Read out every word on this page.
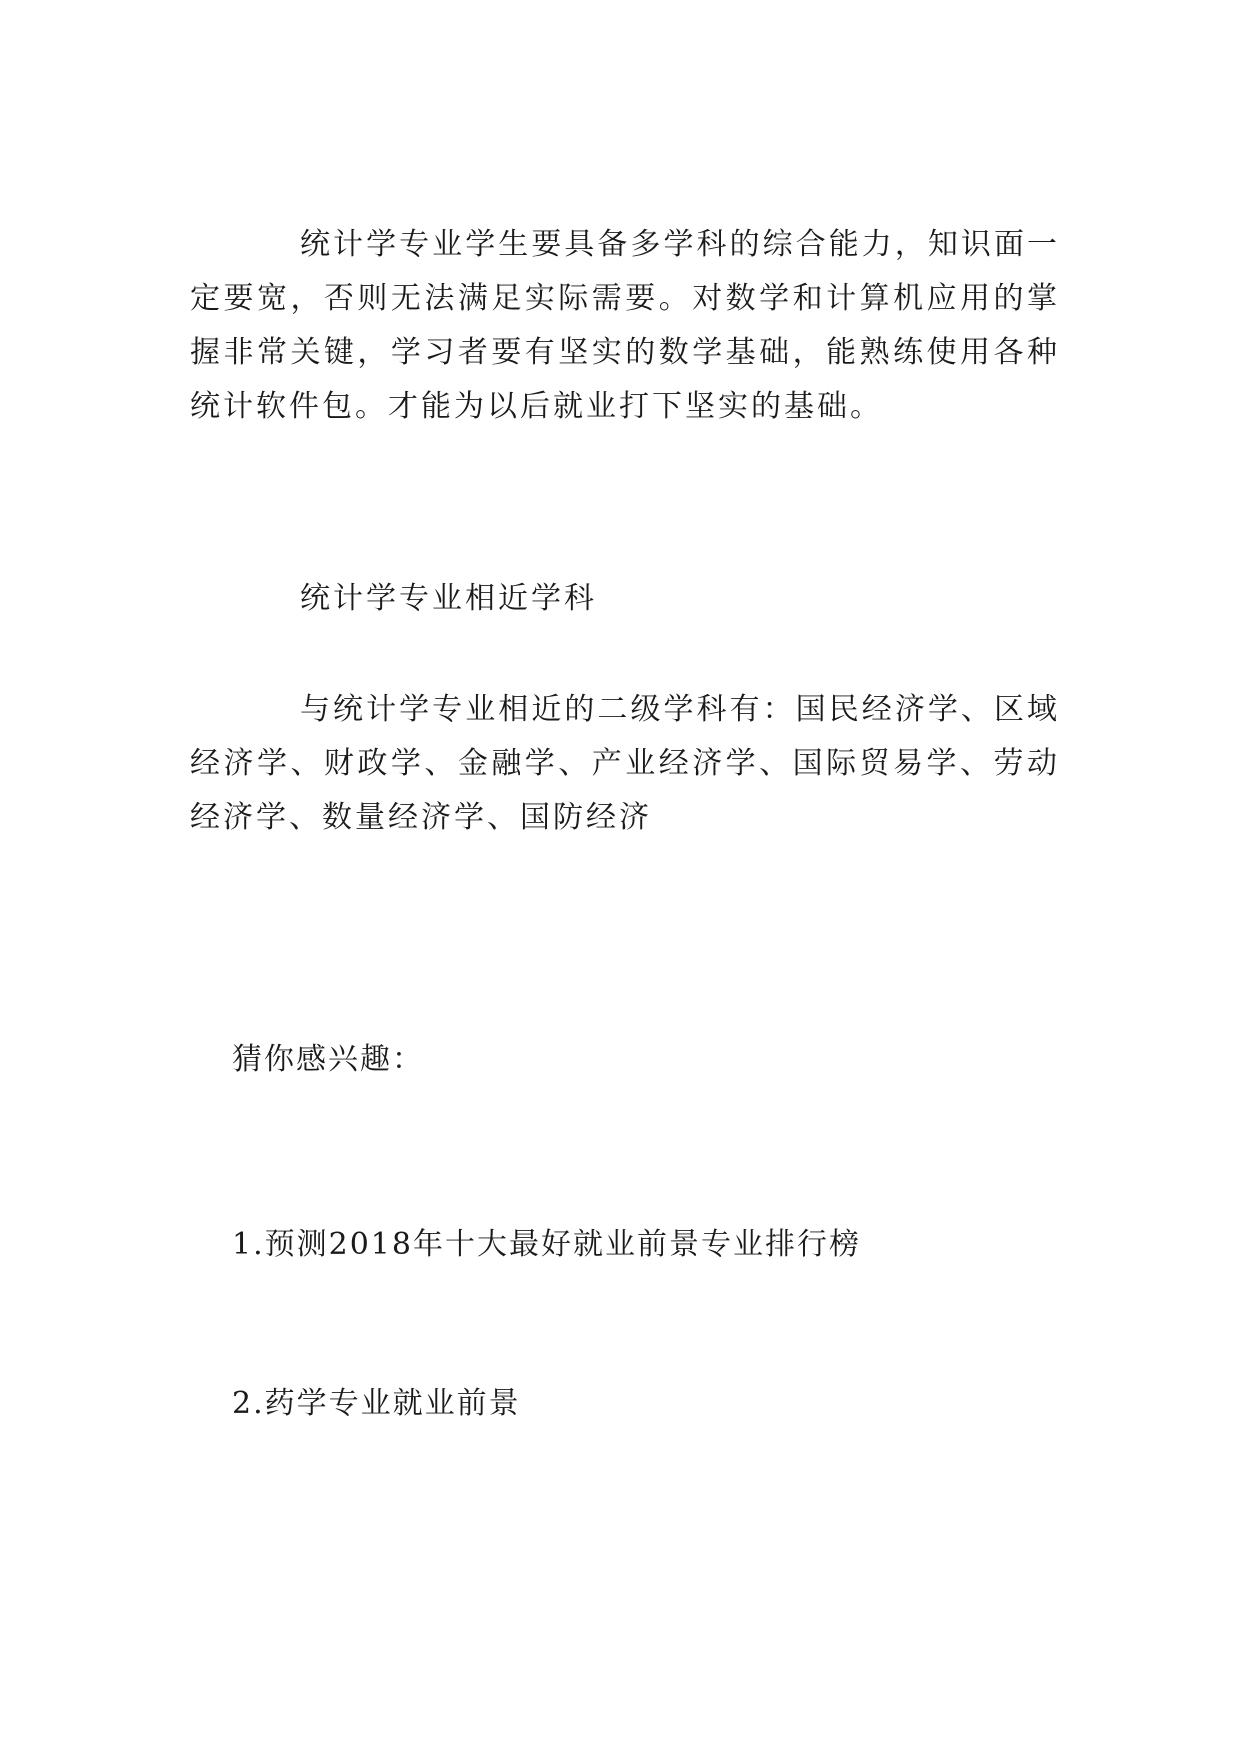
统计学专业学生要具备多学科的综合能力，知识面一定要宽，否则无法满足实际需要。对数学和计算机应用的掌握非常关键，学习者要有坚实的数学基础，能熟练使用各种统计软件包。才能为以后就业打下坚实的基础。

统计学专业相近学科

与统计学专业相近的二级学科有：国民经济学、区域经济学、财政学、金融学、产业经济学、国际贸易学、劳动经济学、数量经济学、国防经济

猜你感兴趣：

1.预测2018年十大最好就业前景专业排行榜

2.药学专业就业前景
